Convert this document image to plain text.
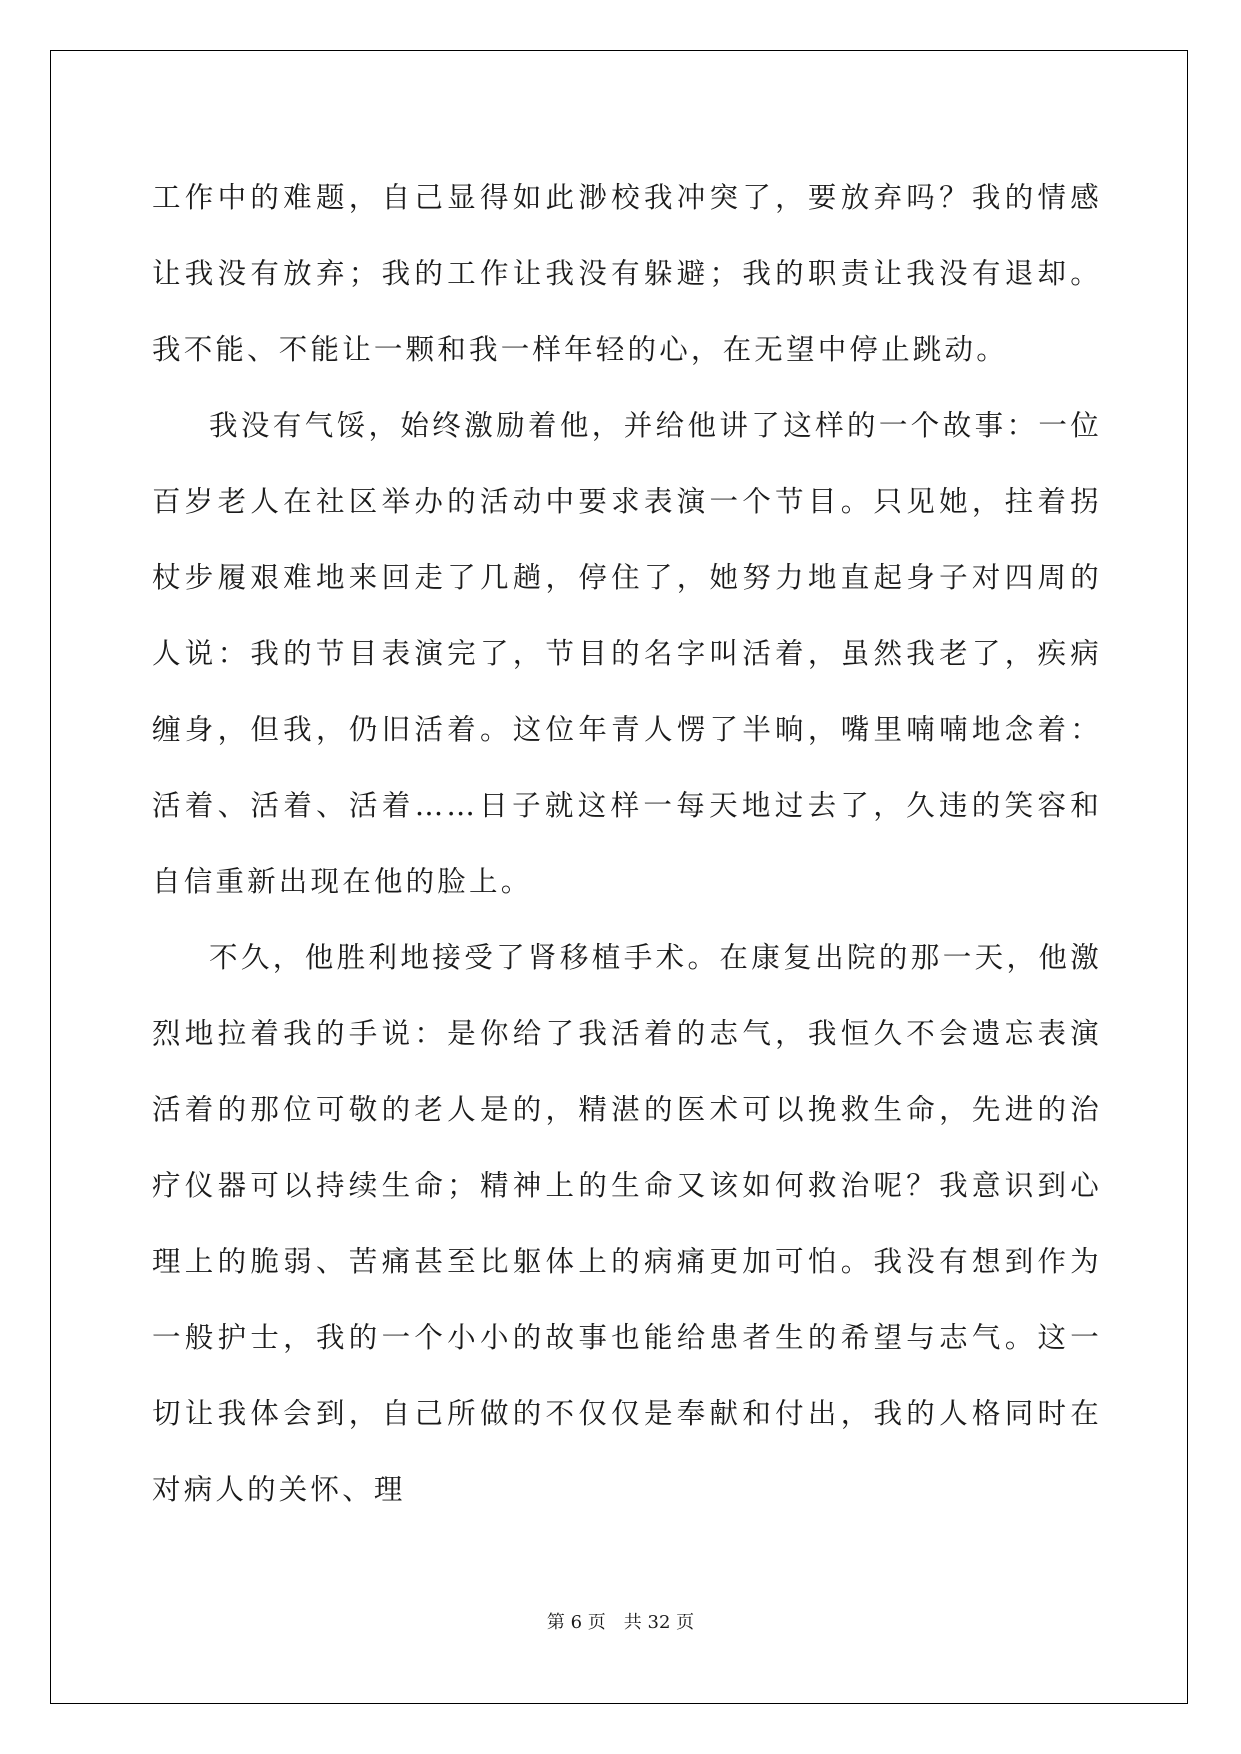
工作中的难题，自己显得如此渺校我冲突了，要放弃吗？我的情感让我没有放弃；我的工作让我没有躲避；我的职责让我没有退却。我不能、不能让一颗和我一样年轻的心，在无望中停止跳动。

我没有气馁，始终激励着他，并给他讲了这样的一个故事：一位百岁老人在社区举办的活动中要求表演一个节目。只见她，拄着拐杖步履艰难地来回走了几趟，停住了，她努力地直起身子对四周的人说：我的节目表演完了，节目的名字叫活着，虽然我老了，疾病缠身，但我，仍旧活着。这位年青人愣了半晌，嘴里喃喃地念着：活着、活着、活着……日子就这样一每天地过去了，久违的笑容和自信重新出现在他的脸上。

不久，他胜利地接受了肾移植手术。在康复出院的那一天，他激烈地拉着我的手说：是你给了我活着的志气，我恒久不会遗忘表演活着的那位可敬的老人是的，精湛的医术可以挽救生命，先进的治疗仪器可以持续生命；精神上的生命又该如何救治呢？我意识到心理上的脆弱、苦痛甚至比躯体上的病痛更加可怕。我没有想到作为一般护士，我的一个小小的故事也能给患者生的希望与志气。这一切让我体会到，自己所做的不仅仅是奉献和付出，我的人格同时在对病人的关怀、理

第 6 页　共 32 页
